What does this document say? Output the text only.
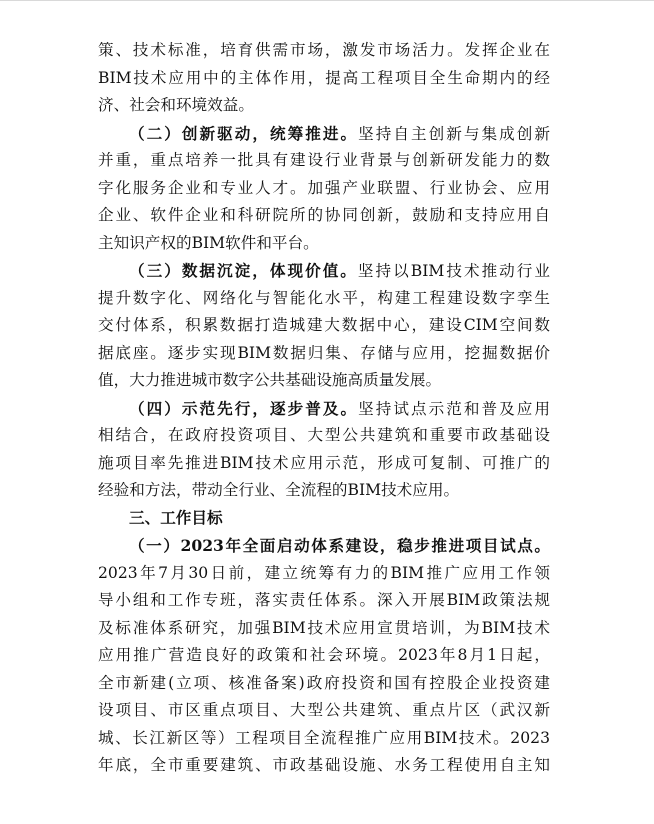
策、技术标准，培育供需市场，激发市场活力。发挥企业在
BIM技术应用中的主体作用，提高工程项目全生命期内的经
济、社会和环境效益。
（二）创新驱动，统筹推进。坚持自主创新与集成创新
并重，重点培养一批具有建设行业背景与创新研发能力的数
字化服务企业和专业人才。加强产业联盟、行业协会、应用
企业、软件企业和科研院所的协同创新，鼓励和支持应用自
主知识产权的BIM软件和平台。
（三）数据沉淀，体现价值。坚持以BIM技术推动行业
提升数字化、网络化与智能化水平，构建工程建设数字孪生
交付体系，积累数据打造城建大数据中心，建设CIM空间数
据底座。逐步实现BIM数据归集、存储与应用，挖掘数据价
值，大力推进城市数字公共基础设施高质量发展。
（四）示范先行，逐步普及。坚持试点示范和普及应用
相结合，在政府投资项目、大型公共建筑和重要市政基础设
施项目率先推进BIM技术应用示范，形成可复制、可推广的
经验和方法，带动全行业、全流程的BIM技术应用。
三、工作目标
（一）2023年全面启动体系建设，稳步推进项目试点。
2023年7月30日前，建立统筹有力的BIM推广应用工作领
导小组和工作专班，落实责任体系。深入开展BIM政策法规
及标准体系研究，加强BIM技术应用宣贯培训，为BIM技术
应用推广营造良好的政策和社会环境。2023年8月1日起，
全市新建(立项、核准备案)政府投资和国有控股企业投资建
设项目、市区重点项目、大型公共建筑、重点片区（武汉新
城、长江新区等）工程项目全流程推广应用BIM技术。2023
年底，全市重要建筑、市政基础设施、水务工程使用自主知
